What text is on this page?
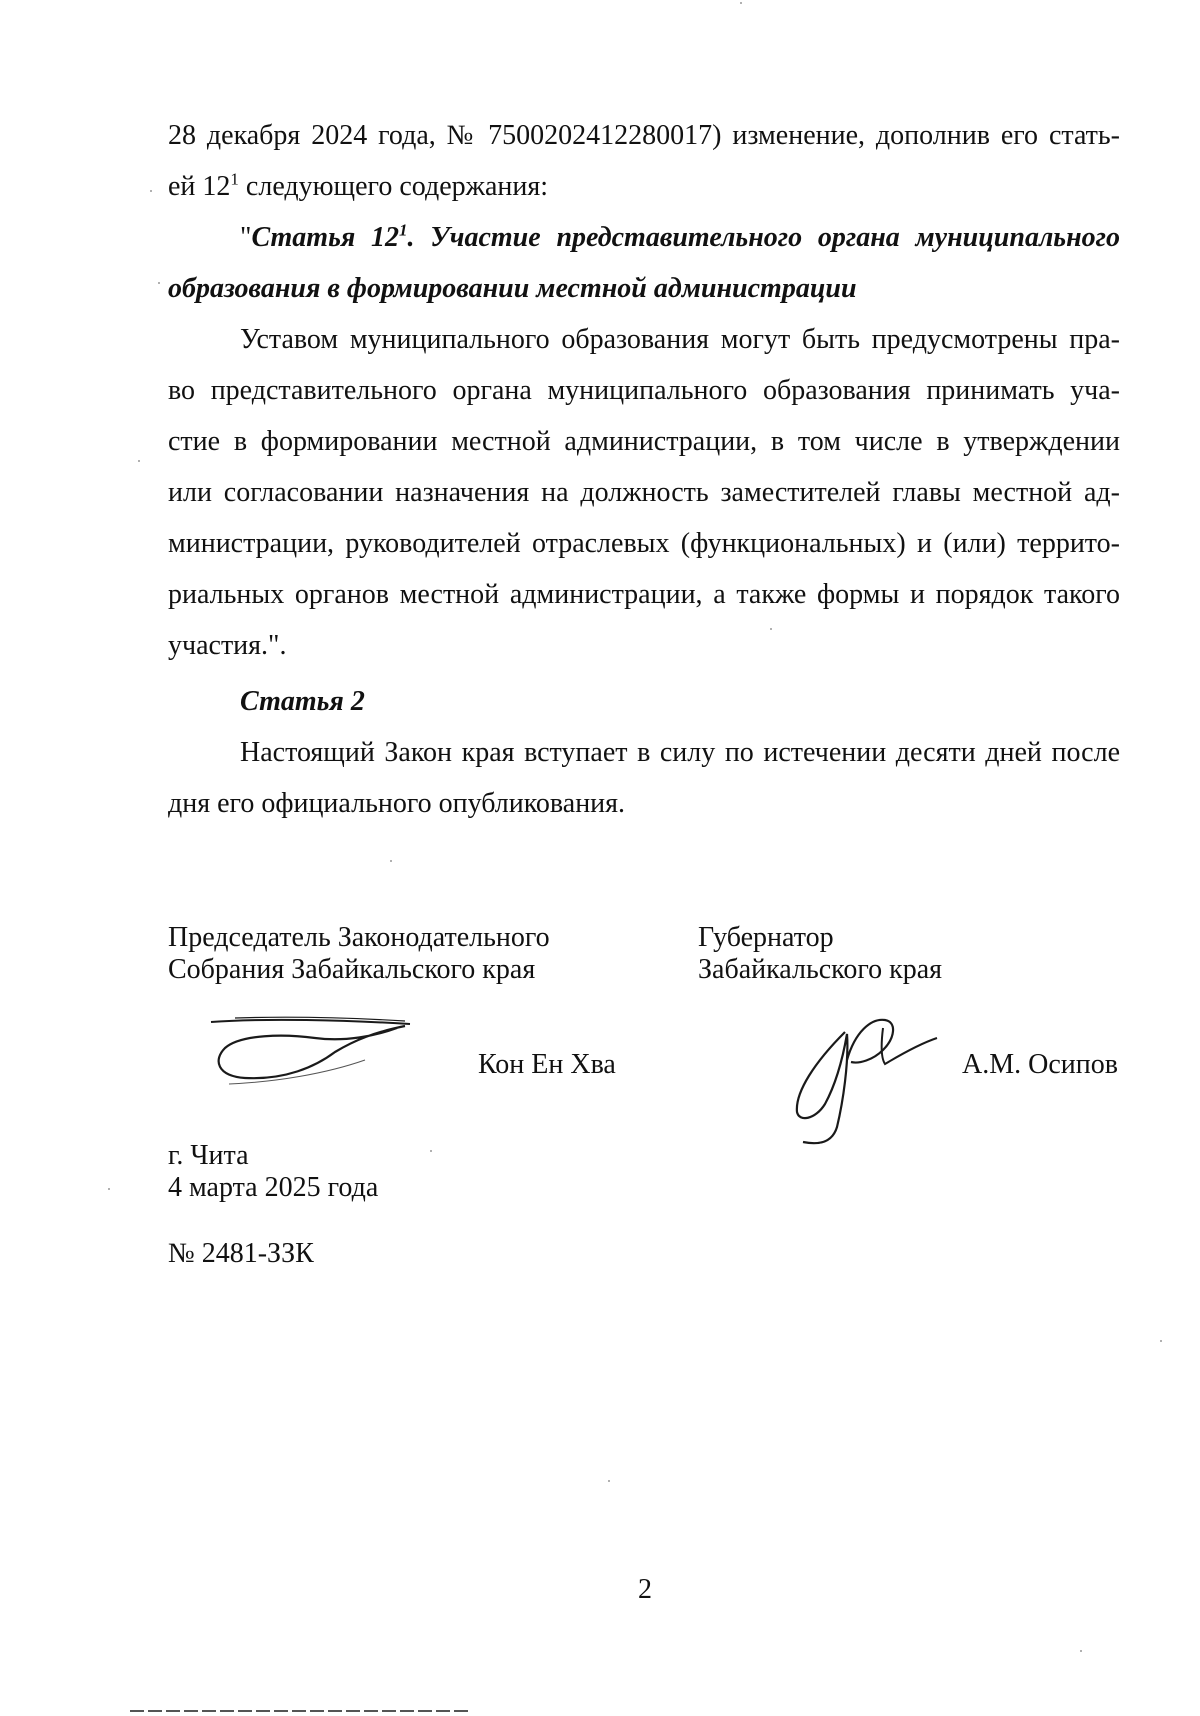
28 декабря 2024 года, № 7500202412280017) изменение, дополнив его стать-

ей $12^1$ следующего содержания:

"Статья $12^1$. Участие представительного органа муниципального

образования в формировании местной администрации

Уставом муниципального образования могут быть предусмотрены пра-

во представительного органа муниципального образования принимать уча-

стие в формировании местной администрации, в том числе в утверждении

или согласовании назначения на должность заместителей главы местной ад-

министрации, руководителей отраслевых (функциональных) и (или) террито-

риальных органов местной администрации, а также формы и порядок такого

участия.".

Статья 2

Настоящий Закон края вступает в силу по истечении десяти дней после

дня его официального опубликования.

Председатель Законодательного
Собрания Забайкальского края
Кон Ен Хва
Губернатор
Забайкальского края
А.М. Осипов
г. Чита
4 марта 2025 года
№ 2481-ЗЗК
2
